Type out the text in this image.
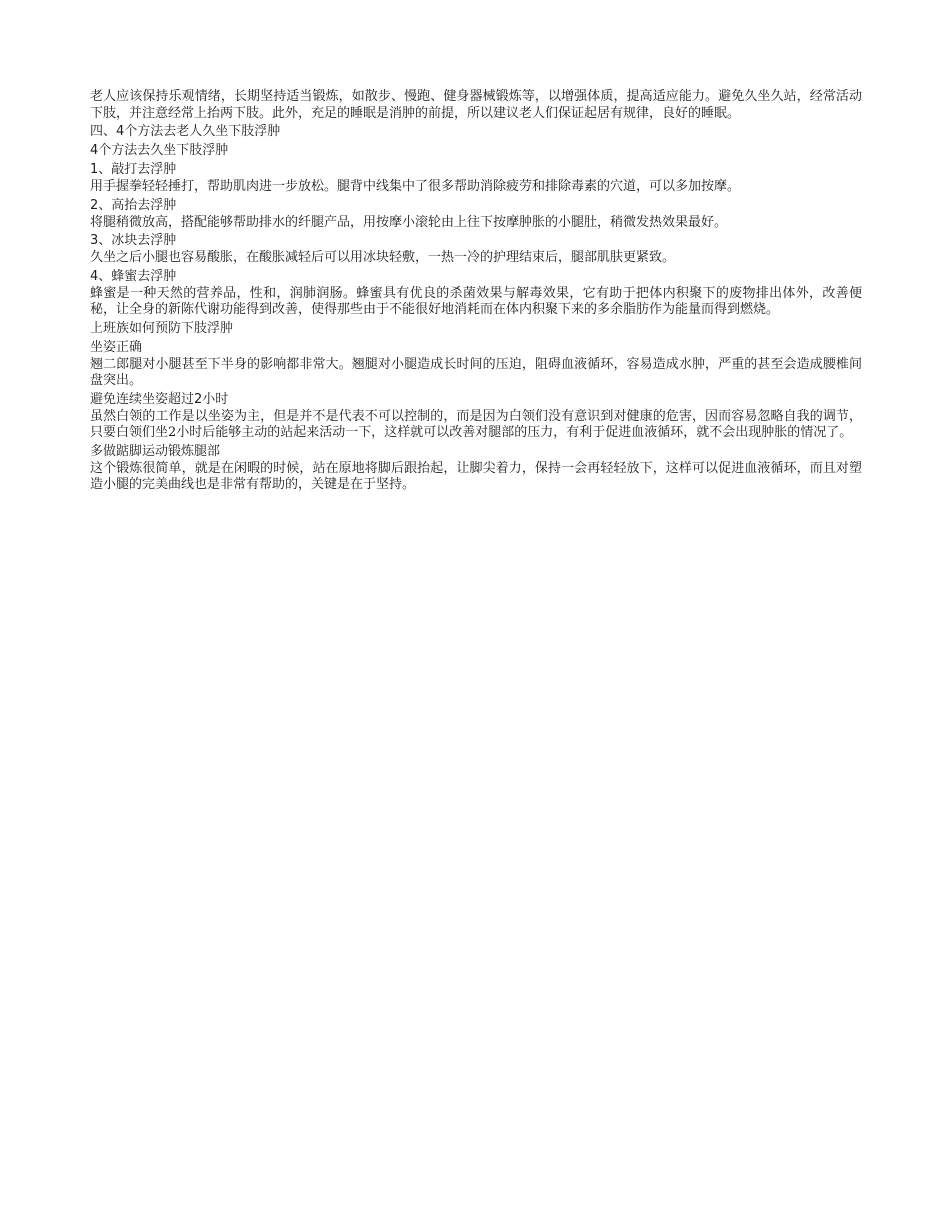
老人应该保持乐观情绪，长期坚持适当锻炼，如散步、慢跑、健身器械锻炼等，以增强体质，提高适应能力。避免久坐久站，经常活动下肢，并注意经常上抬两下肢。此外，充足的睡眠是消肿的前提，所以建议老人们保证起居有规律，良好的睡眠。

四、4个方法去老人久坐下肢浮肿

4个方法去久坐下肢浮肿

1、敲打去浮肿

用手握拳轻轻捶打，帮助肌肉进一步放松。腿背中线集中了很多帮助消除疲劳和排除毒素的穴道，可以多加按摩。

2、高抬去浮肿

将腿稍微放高，搭配能够帮助排水的纤腿产品，用按摩小滚轮由上往下按摩肿胀的小腿肚，稍微发热效果最好。

3、冰块去浮肿

久坐之后小腿也容易酸胀，在酸胀减轻后可以用冰块轻敷，一热一冷的护理结束后，腿部肌肤更紧致。

4、蜂蜜去浮肿

蜂蜜是一种天然的营养品，性和，润肺润肠。蜂蜜具有优良的杀菌效果与解毒效果，它有助于把体内积聚下的废物排出体外，改善便秘，让全身的新陈代谢功能得到改善，使得那些由于不能很好地消耗而在体内积聚下来的多余脂肪作为能量而得到燃烧。

上班族如何预防下肢浮肿

坐姿正确

翘二郎腿对小腿甚至下半身的影响都非常大。翘腿对小腿造成长时间的压迫，阻碍血液循环，容易造成水肿，严重的甚至会造成腰椎间盘突出。

避免连续坐姿超过2小时

虽然白领的工作是以坐姿为主，但是并不是代表不可以控制的，而是因为白领们没有意识到对健康的危害，因而容易忽略自我的调节，只要白领们坐2小时后能够主动的站起来活动一下，这样就可以改善对腿部的压力，有利于促进血液循环，就不会出现肿胀的情况了。

多做踮脚运动锻炼腿部

这个锻炼很简单，就是在闲暇的时候，站在原地将脚后跟抬起，让脚尖着力，保持一会再轻轻放下，这样可以促进血液循环，而且对塑造小腿的完美曲线也是非常有帮助的，关键是在于坚持。
